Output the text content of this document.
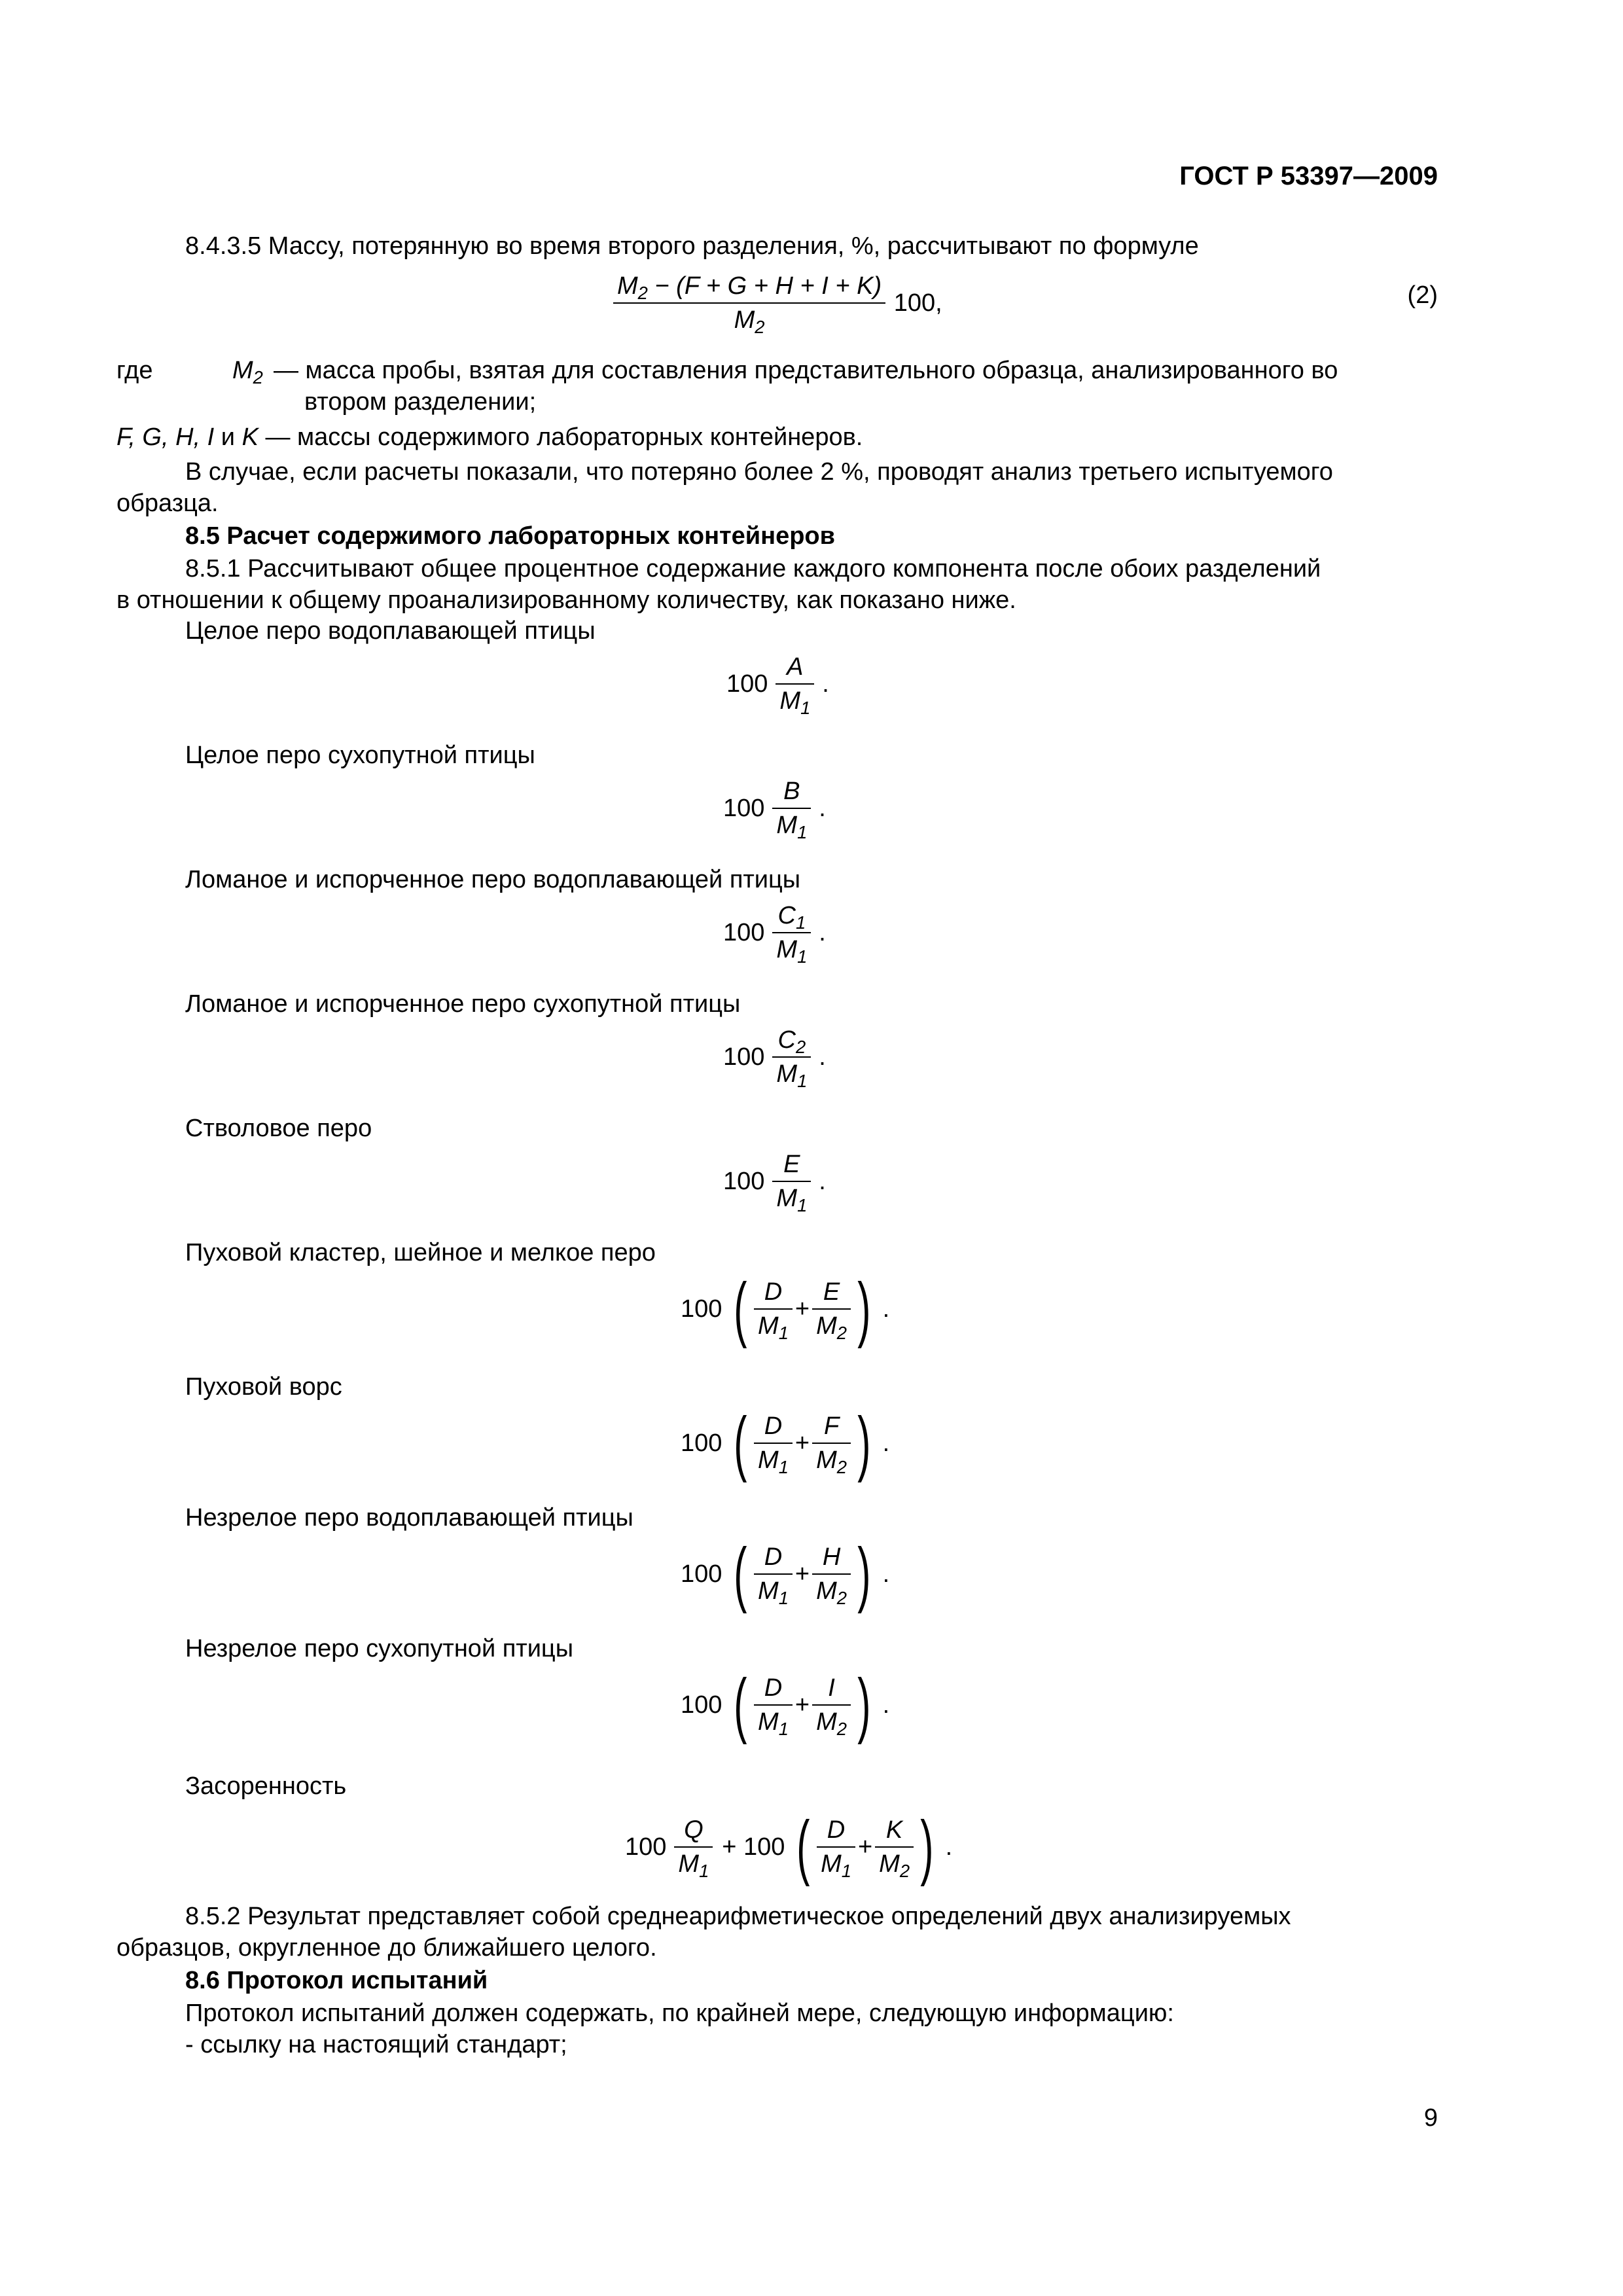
ГОСТ Р 53397—2009
8.4.3.5 Массу, потерянную во время второго разделения, %, рассчитывают по формуле
$\frac{M_2 - (F + G + H + I + K)}{M_2} 100$,	(2)
где	$M_2$ — масса пробы, взятая для составления представительного образца, анализированного во
втором разделении;
F, G, H, I и K — массы содержимого лабораторных контейнеров.
В случае, если расчеты показали, что потеряно более 2 %, проводят анализ третьего испытуемого
образца.
8.5 Расчет содержимого лабораторных контейнеров
8.5.1 Рассчитывают общее процентное содержание каждого компонента после обоих разделений
в отношении к общему проанализированному количеству, как показано ниже.
Целое перо водоплавающей птицы
$100 \frac{A}{M_1}$ .
Целое перо сухопутной птицы
$100 \frac{B}{M_1}$ .
Ломаное и испорченное перо водоплавающей птицы
$100 \frac{C_1}{M_1}$ .
Ломаное и испорченное перо сухопутной птицы
$100 \frac{C_2}{M_1}$ .
Стволовое перо
$100 \frac{E}{M_1}$ .
Пуховой кластер, шейное и мелкое перо
100 ( $\frac{D}{M_1} + \frac{E}{M_2}$ ) .
Пуховой ворс
100 ( $\frac{D}{M_1} + \frac{F}{M_2}$ ) .
Незрелое перо водоплавающей птицы
100 ( $\frac{D}{M_1} + \frac{H}{M_2}$ ) .
Незрелое перо сухопутной птицы
100 ( $\frac{D}{M_1} + \frac{I}{M_2}$ ) .
Засоренность
$100 \frac{Q}{M_1} + 100$ ( $\frac{D}{M_1} + \frac{K}{M_2}$ ) .
8.5.2 Результат представляет собой среднеарифметическое определений двух анализируемых
образцов, округленное до ближайшего целого.
8.6 Протокол испытаний
Протокол испытаний должен содержать, по крайней мере, следующую информацию:
- ссылку на настоящий стандарт;
9
